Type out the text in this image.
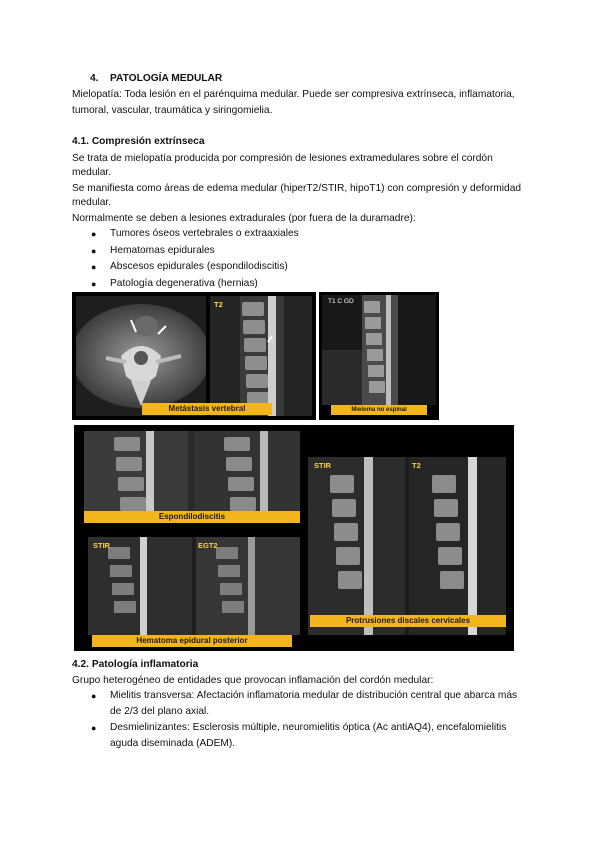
4. PATOLOGÍA MEDULAR
Mielopatía: Toda lesión en el parénquima medular. Puede ser compresiva extrínseca, inflamatoria,
tumoral, vascular, traumática y siringomielia.
4.1. Compresión extrínseca
Se trata de mielopatía producida por compresión de lesiones extramedulares sobre el cordón
medular.
Se manifiesta como áreas de edema medular (hiperT2/STIR, hipoT1) con compresión y deformidad
medular.
Normalmente se deben a lesiones extradurales (por fuera de la duramadre):
● Tumores óseos vertebrales o extraaxiales
● Hematomas epidurales
● Abscesos epidurales (espondilodiscitis)
● Patología degenerativa (hernias)
T2
Metástasis vertebral
T1 C GD
Mieloma no espinal
Espondilodiscitis
STIR	EGT2
Hematoma epidural posterior
STIR	T2
Protrusiones discales cervicales
4.2. Patología inflamatoria
Grupo heterogéneo de entidades que provocan inflamación del cordón medular:
● Mielitis transversa: Afectación inflamatoria medular de distribución central que abarca más
de 2/3 del plano axial.
● Desmielinizantes: Esclerosis múltiple, neuromielitis óptica (Ac antiAQ4), encefalomielitis
aguda diseminada (ADEM).
